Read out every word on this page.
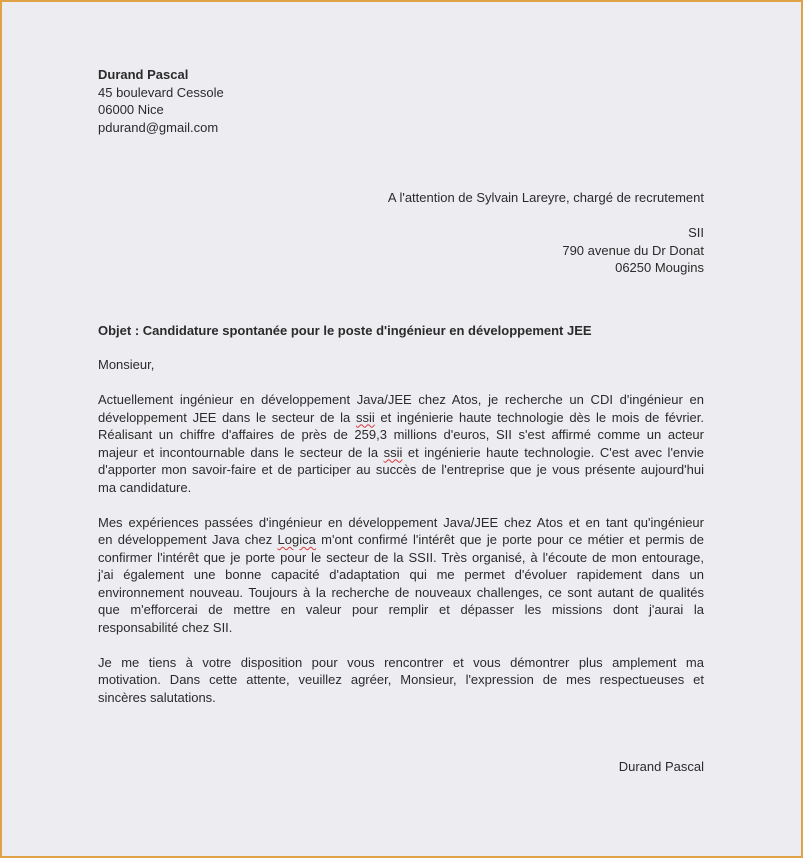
Durand Pascal
45 boulevard Cessole
06000 Nice
pdurand@gmail.com
A l'attention de Sylvain Lareyre, chargé de recrutement
SII
790 avenue du Dr Donat
06250 Mougins
Objet : Candidature spontanée pour le poste d'ingénieur en développement JEE
Monsieur,
Actuellement ingénieur en développement Java/JEE chez Atos, je recherche un CDI d'ingénieur en
développement JEE dans le secteur de la ssii et ingénierie haute technologie dès le mois de février.
Réalisant un chiffre d'affaires de près de 259,3 millions d'euros, SII s'est affirmé comme un acteur
majeur et incontournable dans le secteur de la ssii et ingénierie haute technologie. C'est avec l'envie
d'apporter mon savoir-faire et de participer au succès de l'entreprise que je vous présente aujourd'hui
ma candidature.
Mes expériences passées d'ingénieur en développement Java/JEE chez Atos et en tant qu'ingénieur
en développement Java chez Logica m'ont confirmé l'intérêt que je porte pour ce métier et permis de
confirmer l'intérêt que je porte pour le secteur de la SSII. Très organisé, à l'écoute de mon entourage,
j'ai également une bonne capacité d'adaptation qui me permet d'évoluer rapidement dans un
environnement nouveau. Toujours à la recherche de nouveaux challenges, ce sont autant de qualités
que m'efforcerai de mettre en valeur pour remplir et dépasser les missions dont j'aurai la
responsabilité chez SII.
Je me tiens à votre disposition pour vous rencontrer et vous démontrer plus amplement ma
motivation. Dans cette attente, veuillez agréer, Monsieur, l'expression de mes respectueuses et
sincères salutations.
Durand Pascal
